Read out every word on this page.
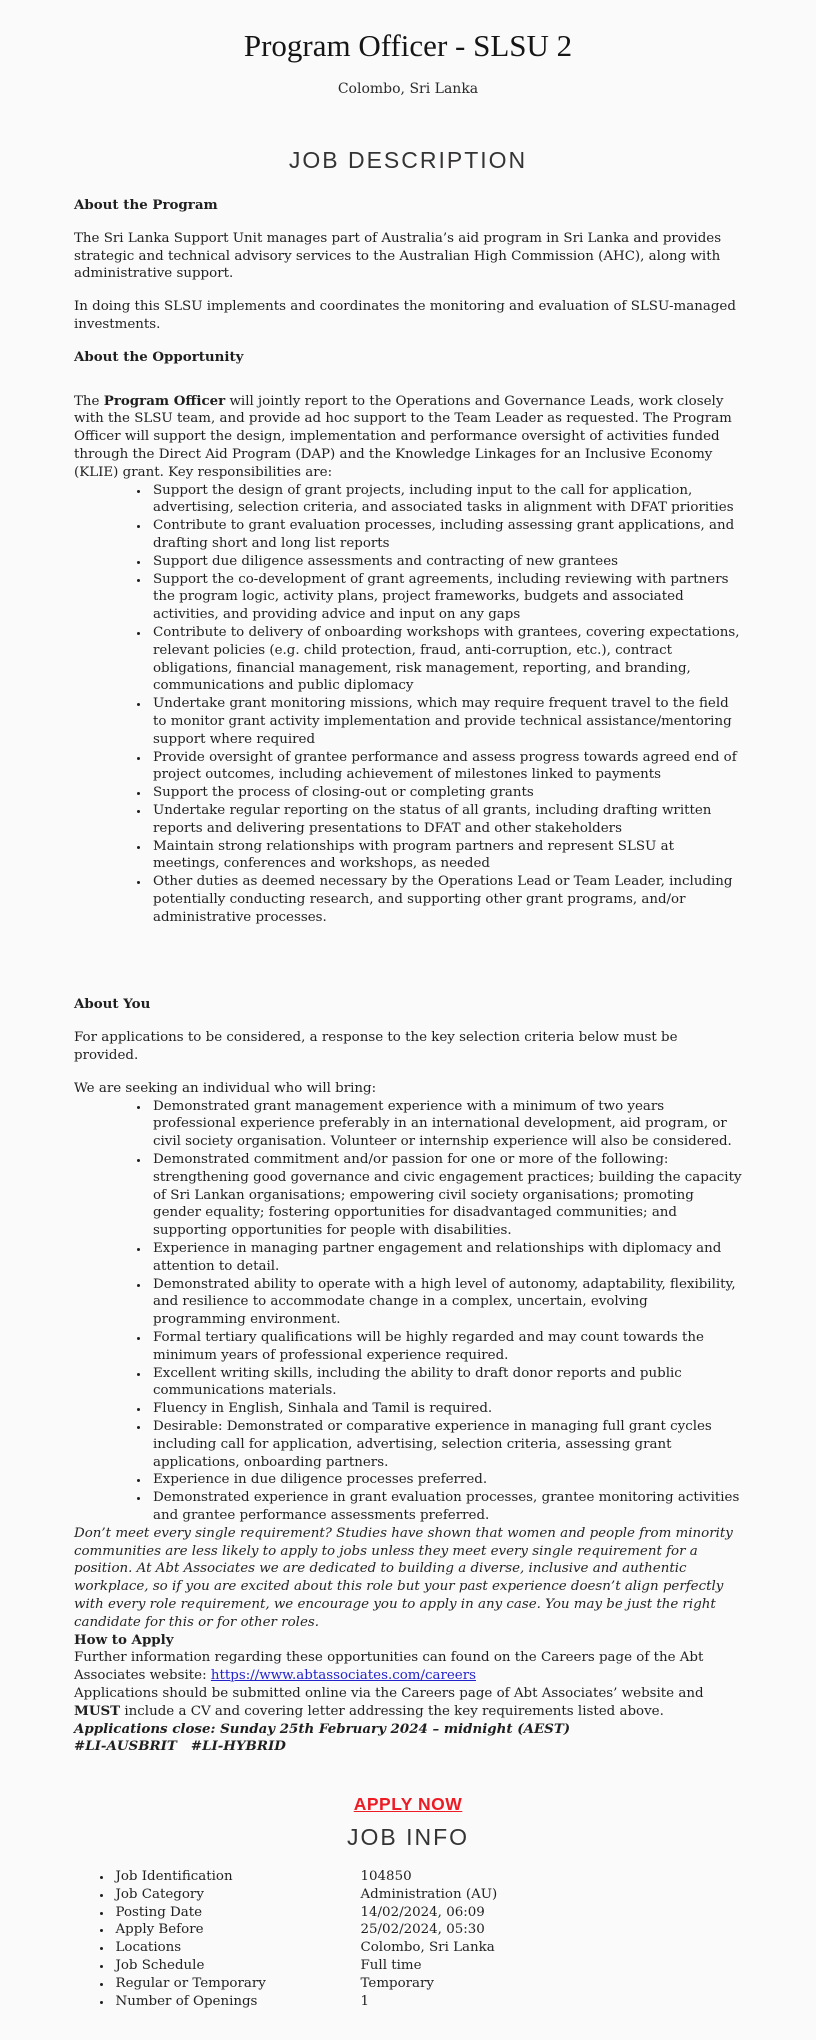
Program Officer - SLSU 2
Colombo, Sri Lanka
JOB DESCRIPTION

About the Program

The Sri Lanka Support Unit manages part of Australia’s aid program in Sri Lanka and provides strategic and technical advisory services to the Australian High Commission (AHC), along with administrative support.

In doing this SLSU implements and coordinates the monitoring and evaluation of SLSU-managed investments.

About the Opportunity

The Program Officer will jointly report to the Operations and Governance Leads, work closely with the SLSU team, and provide ad hoc support to the Team Leader as requested. The Program Officer will support the design, implementation and performance oversight of activities funded through the Direct Aid Program (DAP) and the Knowledge Linkages for an Inclusive Economy (KLIE) grant. Key responsibilities are:

• Support the design of grant projects, including input to the call for application, advertising, selection criteria, and associated tasks in alignment with DFAT priorities
• Contribute to grant evaluation processes, including assessing grant applications, and drafting short and long list reports
• Support due diligence assessments and contracting of new grantees
• Support the co-development of grant agreements, including reviewing with partners the program logic, activity plans, project frameworks, budgets and associated activities, and providing advice and input on any gaps
• Contribute to delivery of onboarding workshops with grantees, covering expectations, relevant policies (e.g. child protection, fraud, anti-corruption, etc.), contract obligations, financial management, risk management, reporting, and branding, communications and public diplomacy
• Undertake grant monitoring missions, which may require frequent travel to the field to monitor grant activity implementation and provide technical assistance/mentoring support where required
• Provide oversight of grantee performance and assess progress towards agreed end of project outcomes, including achievement of milestones linked to payments
• Support the process of closing-out or completing grants
• Undertake regular reporting on the status of all grants, including drafting written reports and delivering presentations to DFAT and other stakeholders
• Maintain strong relationships with program partners and represent SLSU at meetings, conferences and workshops, as needed
• Other duties as deemed necessary by the Operations Lead or Team Leader, including potentially conducting research, and supporting other grant programs, and/or administrative processes.

About You

For applications to be considered, a response to the key selection criteria below must be provided.

We are seeking an individual who will bring:

• Demonstrated grant management experience with a minimum of two years professional experience preferably in an international development, aid program, or civil society organisation. Volunteer or internship experience will also be considered.
• Demonstrated commitment and/or passion for one or more of the following: strengthening good governance and civic engagement practices; building the capacity of Sri Lankan organisations; empowering civil society organisations; promoting gender equality; fostering opportunities for disadvantaged communities; and supporting opportunities for people with disabilities.
• Experience in managing partner engagement and relationships with diplomacy and attention to detail.
• Demonstrated ability to operate with a high level of autonomy, adaptability, flexibility, and resilience to accommodate change in a complex, uncertain, evolving programming environment.
• Formal tertiary qualifications will be highly regarded and may count towards the minimum years of professional experience required.
• Excellent writing skills, including the ability to draft donor reports and public communications materials.
• Fluency in English, Sinhala and Tamil is required.
• Desirable: Demonstrated or comparative experience in managing full grant cycles including call for application, advertising, selection criteria, assessing grant applications, onboarding partners.
• Experience in due diligence processes preferred.
• Demonstrated experience in grant evaluation processes, grantee monitoring activities and grantee performance assessments preferred.

Don’t meet every single requirement? Studies have shown that women and people from minority communities are less likely to apply to jobs unless they meet every single requirement for a position. At Abt Associates we are dedicated to building a diverse, inclusive and authentic workplace, so if you are excited about this role but your past experience doesn’t align perfectly with every role requirement, we encourage you to apply in any case. You may be just the right candidate for this or for other roles.

How to Apply

Further information regarding these opportunities can found on the Careers page of the Abt Associates website: https://www.abtassociates.com/careers

Applications should be submitted online via the Careers page of Abt Associates’ website and MUST include a CV and covering letter addressing the key requirements listed above.

Applications close: Sunday 25th February 2024 – midnight (AEST)

#LI-AUSBRIT   #LI-HYBRID

APPLY NOW
JOB INFO
• Job Identification	104850
• Job Category	Administration (AU)
• Posting Date	14/02/2024, 06:09
• Apply Before	25/02/2024, 05:30
• Locations	Colombo, Sri Lanka
• Job Schedule	Full time
• Regular or Temporary	Temporary
• Number of Openings	1
